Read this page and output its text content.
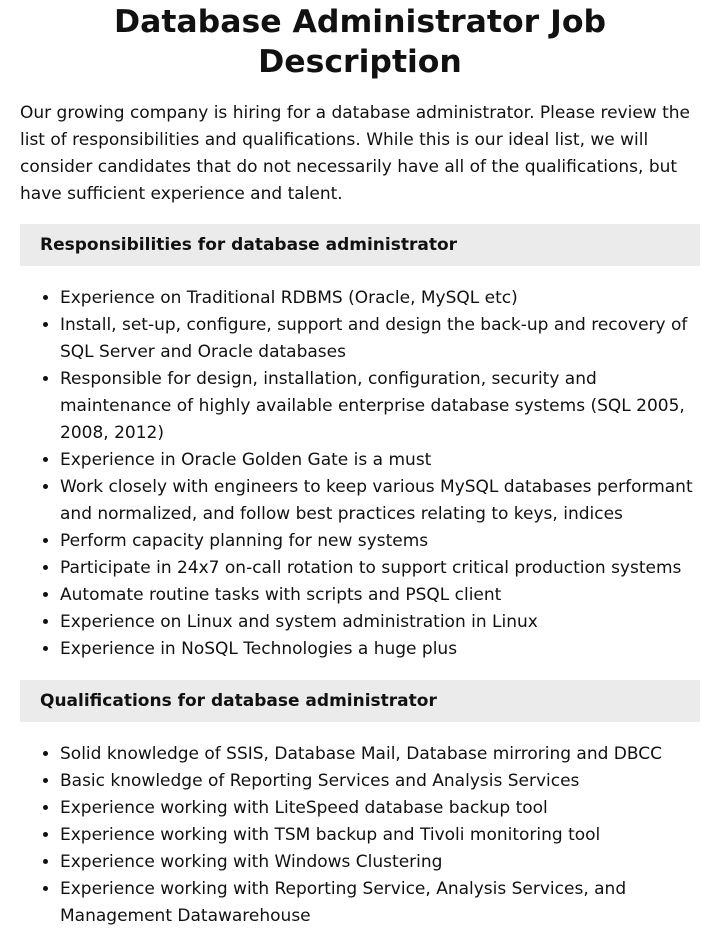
Database Administrator Job Description

Our growing company is hiring for a database administrator. Please review the list of responsibilities and qualifications. While this is our ideal list, we will consider candidates that do not necessarily have all of the qualifications, but have sufficient experience and talent.

Responsibilities for database administrator
• Experience on Traditional RDBMS (Oracle, MySQL etc)
• Install, set-up, configure, support and design the back-up and recovery of SQL Server and Oracle databases
• Responsible for design, installation, configuration, security and maintenance of highly available enterprise database systems (SQL 2005, 2008, 2012)
• Experience in Oracle Golden Gate is a must
• Work closely with engineers to keep various MySQL databases performant and normalized, and follow best practices relating to keys, indices
• Perform capacity planning for new systems
• Participate in 24x7 on-call rotation to support critical production systems
• Automate routine tasks with scripts and PSQL client
• Experience on Linux and system administration in Linux
• Experience in NoSQL Technologies a huge plus
Qualifications for database administrator
• Solid knowledge of SSIS, Database Mail, Database mirroring and DBCC
• Basic knowledge of Reporting Services and Analysis Services
• Experience working with LiteSpeed database backup tool
• Experience working with TSM backup and Tivoli monitoring tool
• Experience working with Windows Clustering
• Experience working with Reporting Service, Analysis Services, and Management Datawarehouse
